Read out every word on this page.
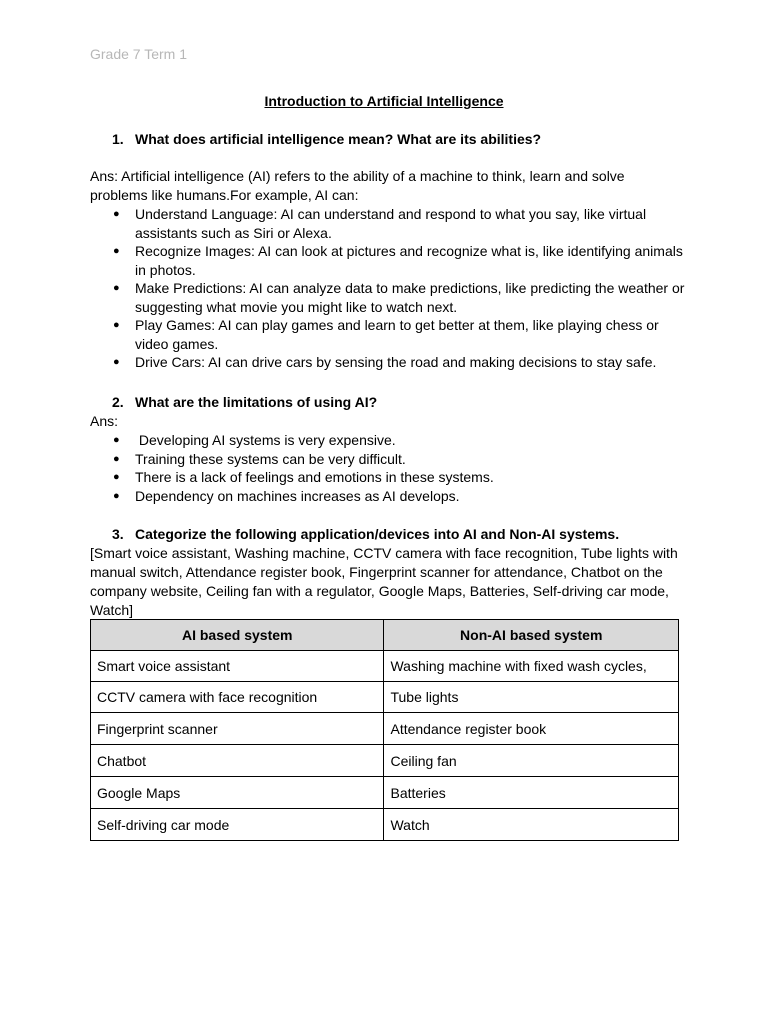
Grade 7 Term 1
Introduction to Artificial Intelligence
1. What does artificial intelligence mean? What are its abilities?
Ans: Artificial intelligence (AI) refers to the ability of a machine to think, learn and solve
problems like humans.For example, AI can:
● Understand Language: AI can understand and respond to what you say, like virtual assistants such as Siri or Alexa.
● Recognize Images: AI can look at pictures and recognize what is, like identifying animals in photos.
● Make Predictions: AI can analyze data to make predictions, like predicting the weather or suggesting what movie you might like to watch next.
● Play Games: AI can play games and learn to get better at them, like playing chess or video games.
● Drive Cars: AI can drive cars by sensing the road and making decisions to stay safe.
2. What are the limitations of using AI?
Ans:
● Developing AI systems is very expensive.
● Training these systems can be very difficult.
● There is a lack of feelings and emotions in these systems.
● Dependency on machines increases as AI develops.
3. Categorize the following application/devices into AI and Non-AI systems.
[Smart voice assistant, Washing machine, CCTV camera with face recognition, Tube lights with
manual switch, Attendance register book, Fingerprint scanner for attendance, Chatbot on the
company website, Ceiling fan with a regulator, Google Maps, Batteries, Self-driving car mode,
Watch]
AI based system	Non-AI based system
Smart voice assistant	Washing machine with fixed wash cycles,
CCTV camera with face recognition	Tube lights
Fingerprint scanner	Attendance register book
Chatbot	Ceiling fan
Google Maps	Batteries
Self-driving car mode	Watch
